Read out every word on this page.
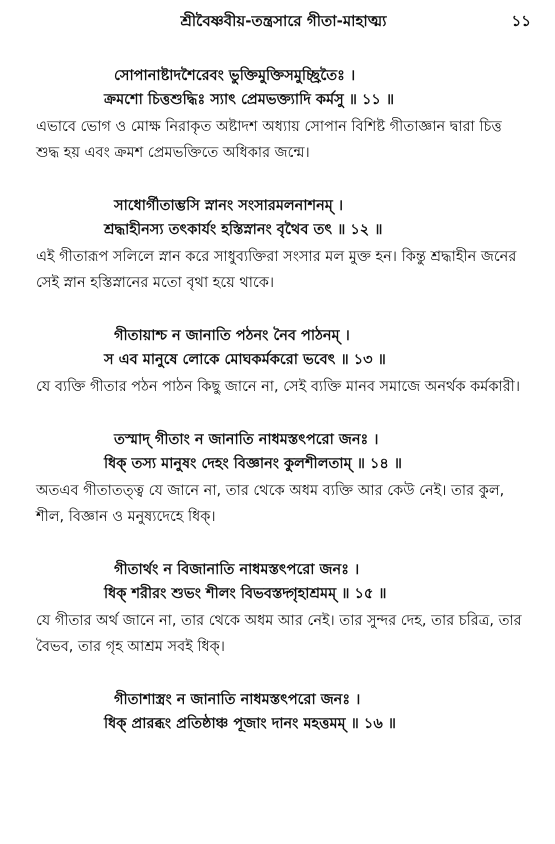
শ্রীবৈষ্ণবীয়-তন্ত্রসারে গীতা-মাহাত্ম্য	১১
সোপানাষ্টাদশৈরেবং ভুক্তিমুক্তিসমুচ্ছ্রিতৈঃ ।
ক্রমশো চিত্তশুদ্ধিঃ স্যাৎ প্রেমভক্ত্যাদি কর্মসু ॥ ১১ ॥
এভাবে ভোগ ও মোক্ষ নিরাকৃত অষ্টাদশ অধ্যায় সোপান বিশিষ্ট গীতাজ্ঞান দ্বারা চিত্ত শুদ্ধ হয় এবং ক্রমশ প্রেমভক্তিতে অধিকার জন্মে।
সাধোর্গীতাম্ভসি স্নানং সংসারমলনাশনম্ ।
শ্রদ্ধাহীনস্য তৎকার্যং হস্তিস্নানং বৃথৈব তৎ ॥ ১২ ॥
এই গীতারূপ সলিলে স্নান করে সাধুব্যক্তিরা সংসার মল মুক্ত হন। কিন্তু শ্রদ্ধাহীন জনের সেই স্নান হস্তিস্নানের মতো বৃথা হয়ে থাকে।
গীতায়াশ্চ ন জানাতি পঠনং নৈব পাঠনম্ ।
স এব মানুষে লোকে মোঘকর্মকরো ভবেৎ ॥ ১৩ ॥
যে ব্যক্তি গীতার পঠন পাঠন কিছু জানে না, সেই ব্যক্তি মানব সমাজে অনর্থক কর্মকারী।
তস্মাদ্ গীতাং ন জানাতি নাধমস্তৎপরো জনঃ ।
ধিক্ তস্য মানুষং দেহং বিজ্ঞানং কুলশীলতাম্ ॥ ১৪ ॥
অতএব গীতাতত্ত্ব যে জানে না, তার থেকে অধম ব্যক্তি আর কেউ নেই। তার কুল, শীল, বিজ্ঞান ও মনুষ্যদেহে ধিক্।
গীতার্থং ন বিজানাতি নাধমস্তৎপরো জনঃ ।
ধিক্ শরীরং শুভং শীলং বিভবস্তদ্গৃহাশ্রমম্ ॥ ১৫ ॥
যে গীতার অর্থ জানে না, তার থেকে অধম আর নেই। তার সুন্দর দেহ, তার চরিত্র, তার বৈভব, তার গৃহ আশ্রম সবই ধিক্।
গীতাশাস্ত্রং ন জানাতি নাধমস্তৎপরো জনঃ ।
ধিক্ প্রারব্ধং প্রতিষ্ঠাঞ্চ পূজাং দানং মহত্তমম্ ॥ ১৬ ॥
